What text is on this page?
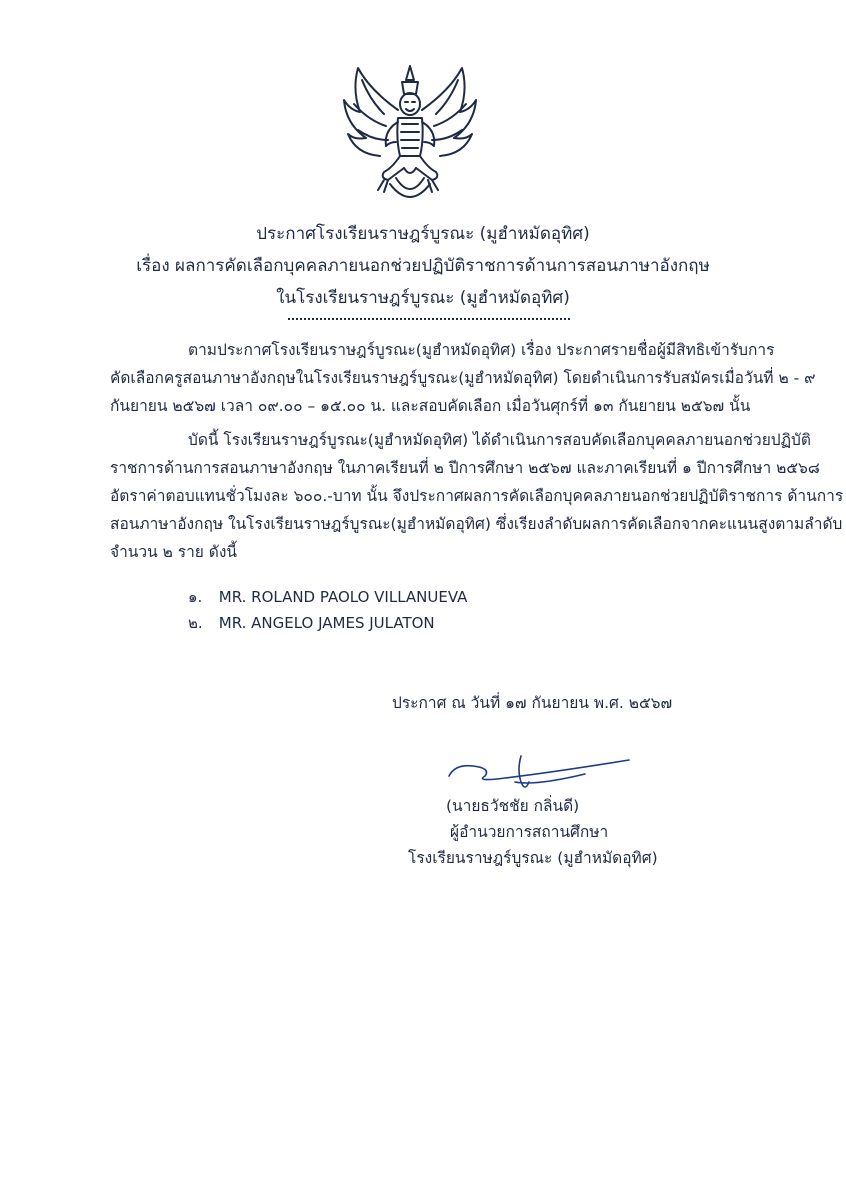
ประกาศโรงเรียนราษฎร์บูรณะ (มูฮำหมัดอุทิศ)
เรื่อง ผลการคัดเลือกบุคคลภายนอกช่วยปฏิบัติราชการด้านการสอนภาษาอังกฤษ
ในโรงเรียนราษฎร์บูรณะ (มูฮำหมัดอุทิศ)
ตามประกาศโรงเรียนราษฎร์บูรณะ(มูฮำหมัดอุทิศ) เรื่อง ประกาศรายชื่อผู้มีสิทธิเข้ารับการ
คัดเลือกครูสอนภาษาอังกฤษในโรงเรียนราษฎร์บูรณะ(มูฮำหมัดอุทิศ) โดยดำเนินการรับสมัครเมื่อวันที่ ๒ - ๙
กันยายน ๒๕๖๗ เวลา ๐๙.๐๐ – ๑๕.๐๐ น. และสอบคัดเลือก เมื่อวันศุกร์ที่ ๑๓ กันยายน ๒๕๖๗ นั้น
บัดนี้ โรงเรียนราษฎร์บูรณะ(มูฮำหมัดอุทิศ) ได้ดำเนินการสอบคัดเลือกบุคคลภายนอกช่วยปฏิบัติ
ราชการด้านการสอนภาษาอังกฤษ ในภาคเรียนที่ ๒ ปีการศึกษา ๒๕๖๗ และภาคเรียนที่ ๑ ปีการศึกษา ๒๕๖๘
อัตราค่าตอบแทนชั่วโมงละ ๖๐๐.-บาท นั้น จึงประกาศผลการคัดเลือกบุคคลภายนอกช่วยปฏิบัติราชการ ด้านการ
สอนภาษาอังกฤษ ในโรงเรียนราษฎร์บูรณะ(มูฮำหมัดอุทิศ) ซึ่งเรียงลำดับผลการคัดเลือกจากคะแนนสูงตามลำดับ
จำนวน ๒ ราย ดังนี้
๑. MR. ROLAND PAOLO VILLANUEVA
๒. MR. ANGELO JAMES JULATON
ประกาศ ณ วันที่ ๑๗ กันยายน พ.ศ. ๒๕๖๗
(นายธวัชชัย กลิ่นดี)
ผู้อำนวยการสถานศึกษา
โรงเรียนราษฎร์บูรณะ (มูฮำหมัดอุทิศ)
